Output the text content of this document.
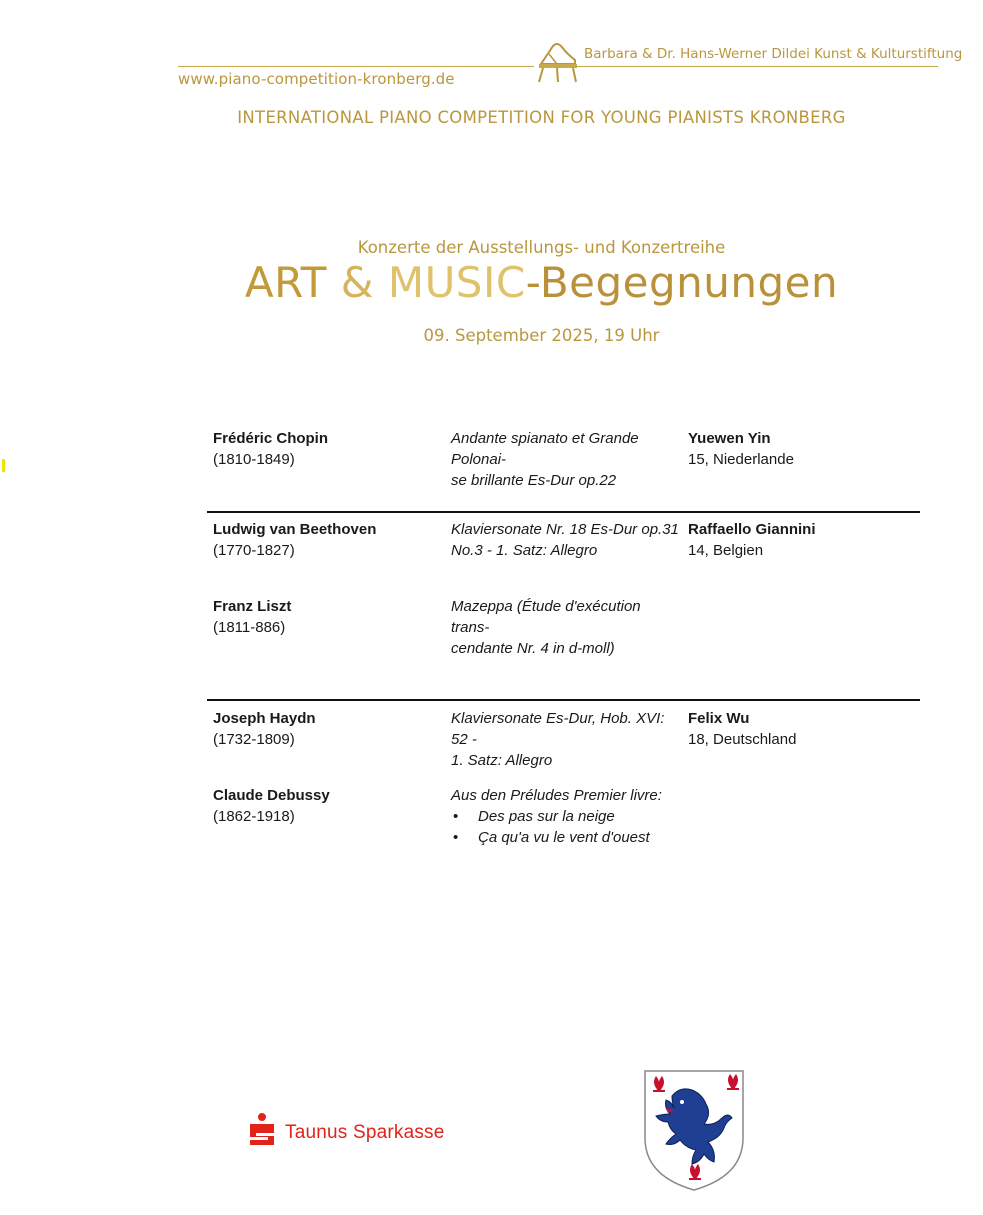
www.piano-competition-kronberg.de
Barbara & Dr. Hans-Werner Dildei Kunst & Kulturstiftung
INTERNATIONAL PIANO COMPETITION FOR YOUNG PIANISTS KRONBERG
Konzerte der Ausstellungs- und Konzertreihe
ART & MUSIC-Begegnungen
09. September 2025, 19 Uhr
Frédéric Chopin
(1810-1849)
Andante spianato et Grande Polonai-
se brillante Es-Dur op.22
Yuewen Yin
15, Niederlande
Ludwig van Beethoven
(1770-1827)
Klaviersonate Nr. 18 Es-Dur op.31
No.3 - 1. Satz: Allegro
Raffaello Giannini
14, Belgien
Franz Liszt
(1811-886)
Mazeppa (Étude d'exécution trans-
cendante Nr. 4 in d-moll)
Joseph Haydn
(1732-1809)
Klaviersonate Es-Dur, Hob. XVI: 52 -
1. Satz: Allegro
Felix Wu
18, Deutschland
Claude Debussy
(1862-1918)
Aus den Préludes Premier livre:
• Des pas sur la neige
• Ça qu'a vu le vent d'ouest
Taunus Sparkasse
